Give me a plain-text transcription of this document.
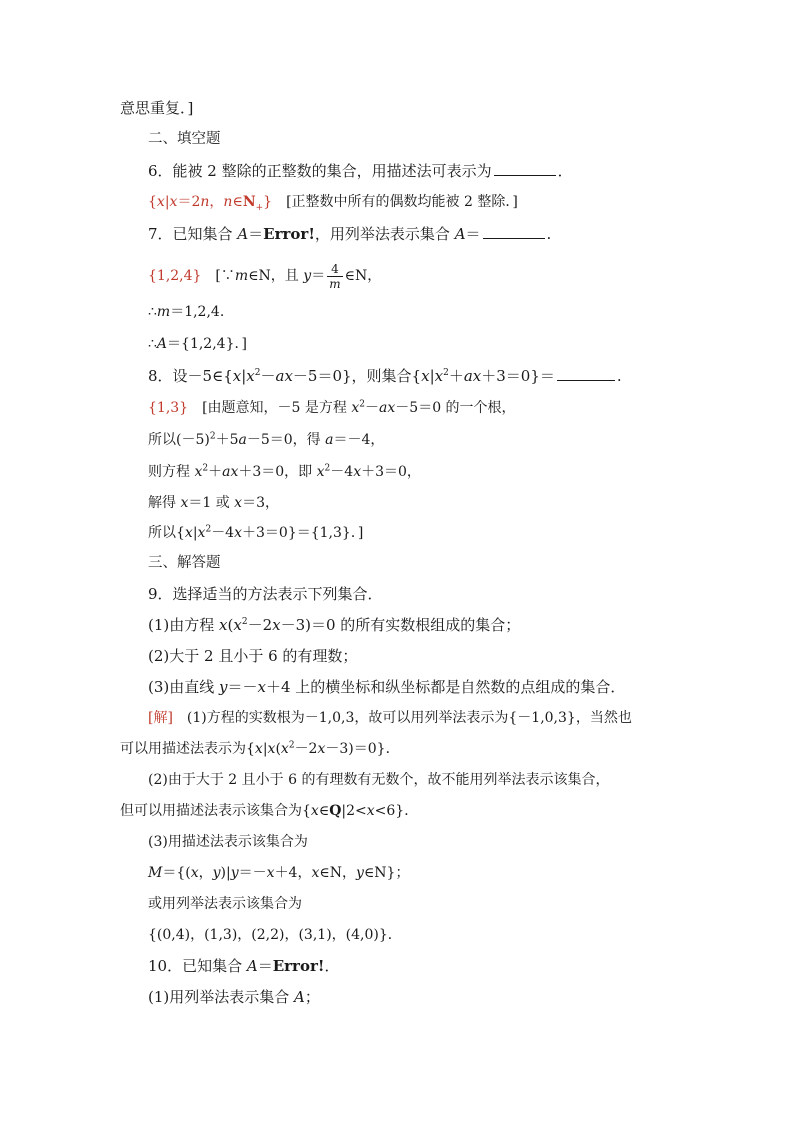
意思重复．]
二、填空题
6．能被 2 整除的正整数的集合，用描述法可表示为	．
{x|x＝2n，$n\in N_+$}　[正整数中所有的偶数均能被 2 整除．]
7．已知集合 A＝Error!，用列举法表示集合 A＝	.
{1,2,4}　[∵m∈N，且 $y= \frac{4}{m}$ ∈N，
∴m＝1,2,4.
∴A＝{1,2,4}．]
8．设$-5\in\{x|x^2-ax-5=0\}$，则集合$\{x|x^2+ax+3=0\}=$	.
{1,3}　[由题意知，－5 是方程 $x^2-ax-5=0$ 的一个根，
所以$(-5)^2+5a-5=0$，得 a＝－4，
则方程 $x^2+ax+3=0$，即 $x^2-4x+3=0$，
解得 x＝1 或 x＝3，
所以$\{x|x^2-4x+3=0\}=\{1,3\}$．]
三、解答题
9．选择适当的方法表示下列集合．
(1)由方程 $x(x^2-2x-3)=0$ 的所有实数根组成的集合；
(2)大于 2 且小于 6 的有理数；
(3)由直线 y＝－x＋4 上的横坐标和纵坐标都是自然数的点组成的集合．
[解]　(1)方程的实数根为－1,0,3，故可以用列举法表示为{－1,0,3}，当然也
可以用描述法表示为$\{x|x(x^2-2x-3)=0\}$．
(2)由于大于 2 且小于 6 的有理数有无数个，故不能用列举法表示该集合，
但可以用描述法表示该集合为{x∈Q|2<x<6}．
(3)用描述法表示该集合为
M＝{(x，y)|y＝－x＋4，x∈N，y∈N}；
或用列举法表示该集合为
{(0,4)，(1,3)，(2,2)，(3,1)，(4,0)}．
10．已知集合 A＝Error!．
(1)用列举法表示集合 A；
